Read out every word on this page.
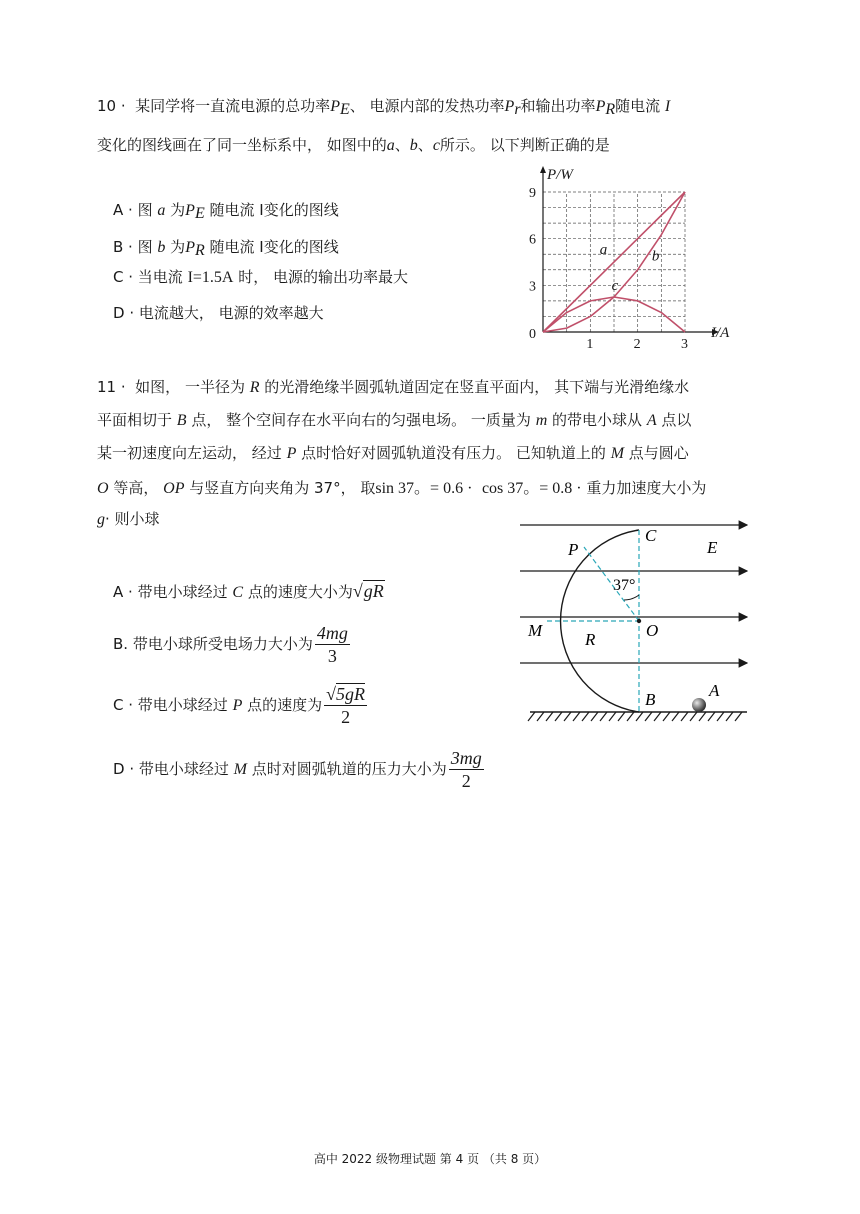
10 · 某同学将一直流电源的总功率$P_E$、 电源内部的发热功率$P_r$和输出功率$P_R$随电流 I
变化的图线画在了同一坐标系中， 如图中的a、b、c所示。 以下判断正确的是
A · 图 a 为$P_E$ 随电流 I变化的图线
B · 图 b 为$P_R$ 随电流 I变化的图线
C · 当电流 I=1.5A 时， 电源的输出功率最大
D · 电流越大， 电源的效率越大
a	b
c
1	2	3
3
6
9
0
P/W
I/A
11 · 如图， 一半径为 R 的光滑绝缘半圆弧轨道固定在竖直平面内， 其下端与光滑绝缘水
平面相切于 B 点， 整个空间存在水平向右的匀强电场。 一质量为 m 的带电小球从 A 点以
某一初速度向左运动， 经过 P 点时恰好对圆弧轨道没有压力。 已知轨道上的 M 点与圆心
O 等高， OP 与竖直方向夹角为 37°， 取sin 37。= 0.6 · cos 37。= 0.8 · 重力加速度大小为
g· 则小球
A · 带电小球经过 C 点的速度大小为√gR
B. 带电小球所受电场力大小为 $\frac{4mg}{3}$
C · 带电小球经过 P 点的速度为 $\frac{√5gR}{2}$
D · 带电小球经过 M 点时对圆弧轨道的压力大小为 $\frac{3mg}{2}$
C
E
P
37°
M	R	O
B	A
高中 2022 级物理试题 第 4 页 （共 8 页）
